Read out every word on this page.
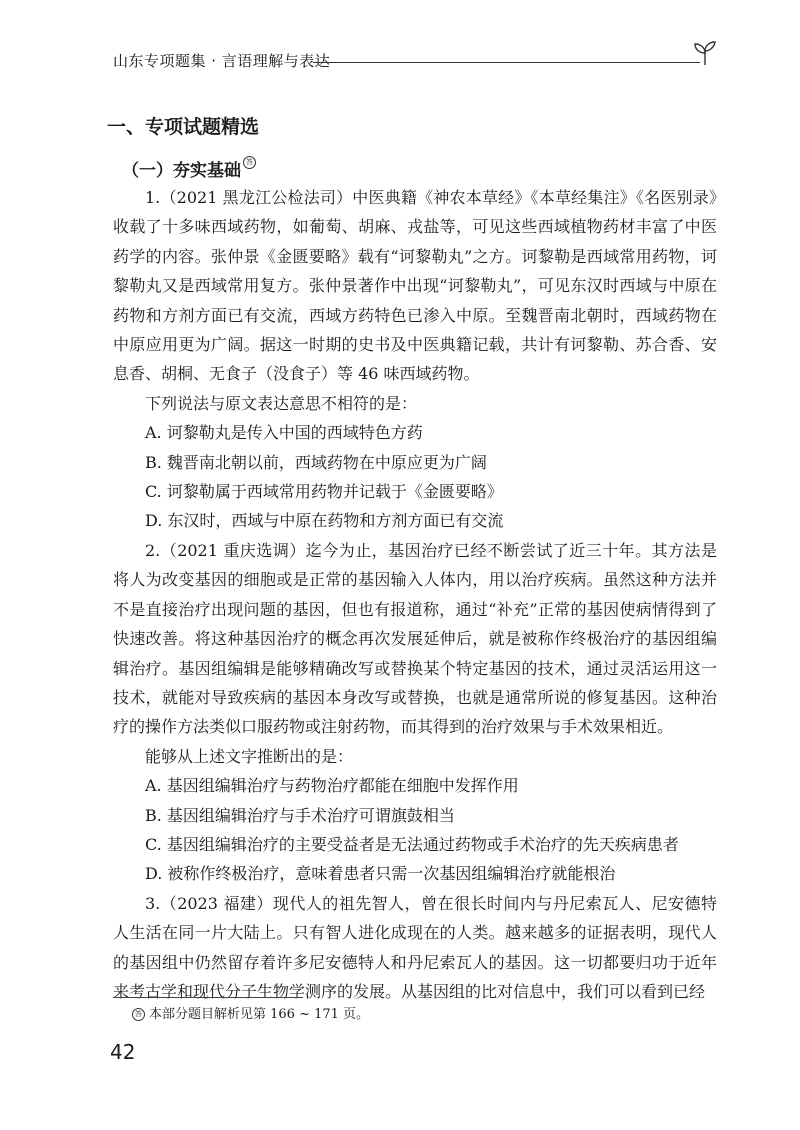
山东专项题集 · 言语理解与表达
一、专项试题精选
（一）夯实基础 答

1.（2021 黑龙江公检法司）中医典籍《神农本草经》《本草经集注》《名医别录》收载了十多味西域药物，如葡萄、胡麻、戎盐等，可见这些西域植物药材丰富了中医药学的内容。张仲景《金匮要略》载有“诃黎勒丸”之方。诃黎勒是西域常用药物，诃黎勒丸又是西域常用复方。张仲景著作中出现“诃黎勒丸”，可见东汉时西域与中原在药物和方剂方面已有交流，西域方药特色已渗入中原。至魏晋南北朝时，西域药物在中原应用更为广阔。据这一时期的史书及中医典籍记载，共计有诃黎勒、苏合香、安息香、胡桐、无食子（没食子）等 46 味西域药物。

下列说法与原文表达意思不相符的是：

A. 诃黎勒丸是传入中国的西域特色方药

B. 魏晋南北朝以前，西域药物在中原应更为广阔

C. 诃黎勒属于西域常用药物并记载于《金匮要略》

D. 东汉时，西域与中原在药物和方剂方面已有交流

2.（2021 重庆选调）迄今为止，基因治疗已经不断尝试了近三十年。其方法是将人为改变基因的细胞或是正常的基因输入人体内，用以治疗疾病。虽然这种方法并不是直接治疗出现问题的基因，但也有报道称，通过“补充”正常的基因使病情得到了快速改善。将这种基因治疗的概念再次发展延伸后，就是被称作终极治疗的基因组编辑治疗。基因组编辑是能够精确改写或替换某个特定基因的技术，通过灵活运用这一技术，就能对导致疾病的基因本身改写或替换，也就是通常所说的修复基因。这种治疗的操作方法类似口服药物或注射药物，而其得到的治疗效果与手术效果相近。

能够从上述文字推断出的是：

A. 基因组编辑治疗与药物治疗都能在细胞中发挥作用

B. 基因组编辑治疗与手术治疗可谓旗鼓相当

C. 基因组编辑治疗的主要受益者是无法通过药物或手术治疗的先天疾病患者

D. 被称作终极治疗，意味着患者只需一次基因组编辑治疗就能根治

3.（2023 福建）现代人的祖先智人，曾在很长时间内与丹尼索瓦人、尼安德特人生活在同一片大陆上。只有智人进化成现在的人类。越来越多的证据表明，现代人的基因组中仍然留存着许多尼安德特人和丹尼索瓦人的基因。这一切都要归功于近年来考古学和现代分子生物学测序的发展。从基因组的比对信息中，我们可以看到已经

答 本部分题目解析见第 166 ~ 171 页。
42
